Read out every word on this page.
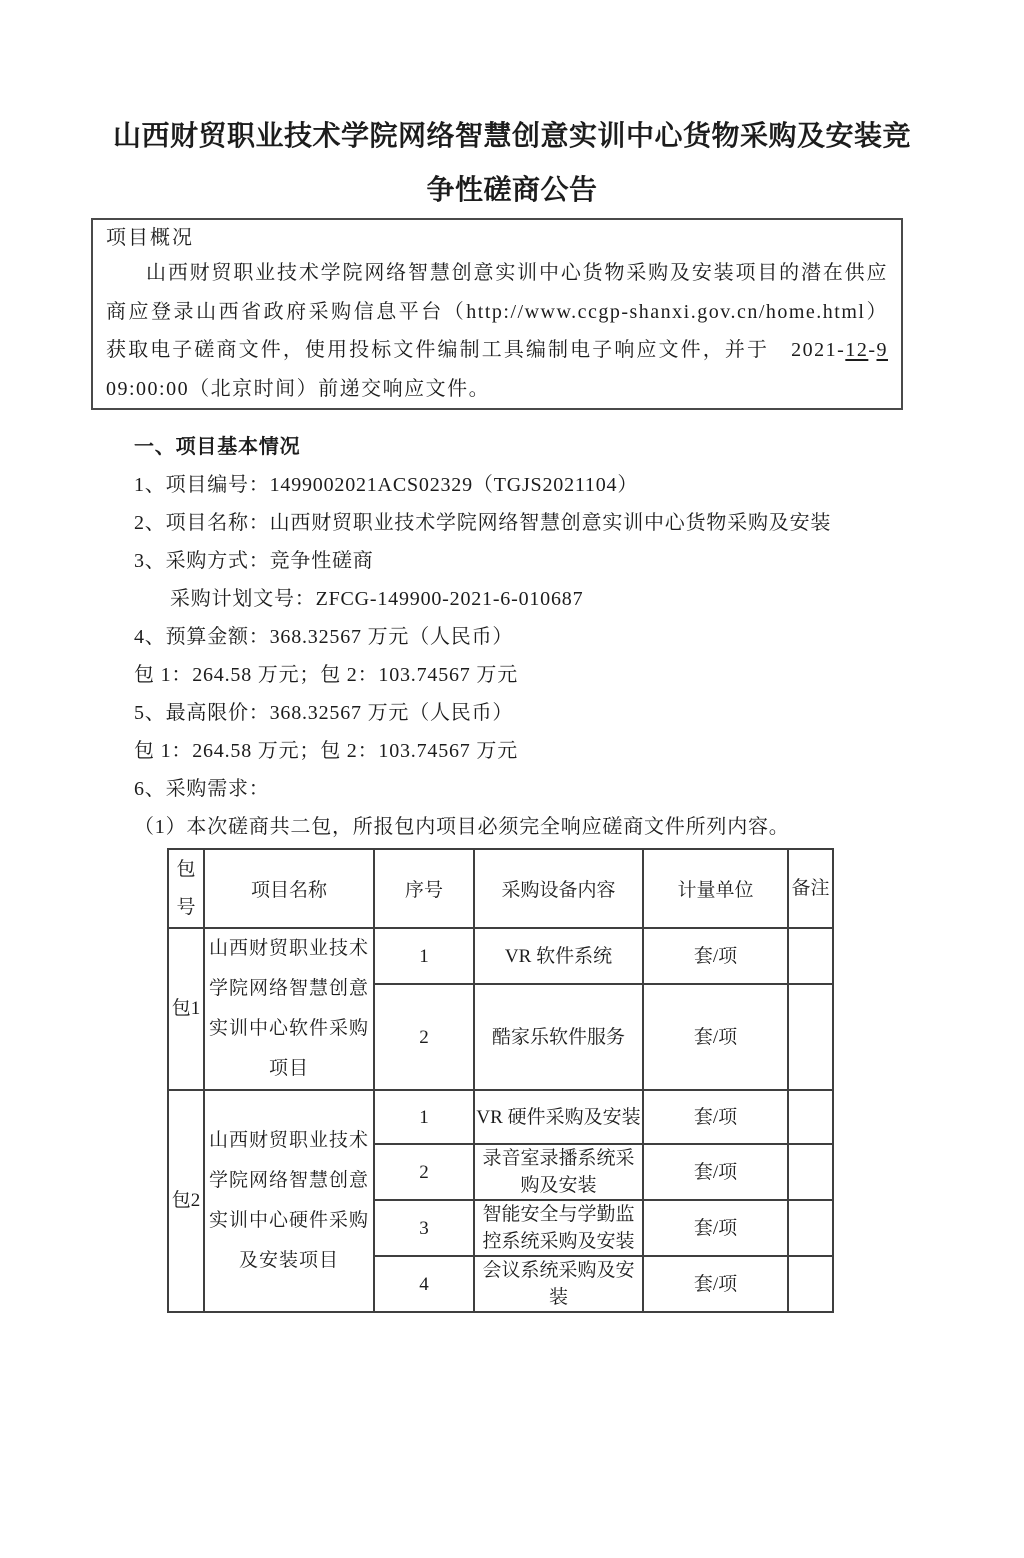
山西财贸职业技术学院网络智慧创意实训中心货物采购及安装竞争性磋商公告
项目概况

山西财贸职业技术学院网络智慧创意实训中心货物采购及安装项目的潜在供应商应登录山西省政府采购信息平台（http://www.ccgp-shanxi.gov.cn/home.html）获取电子磋商文件，使用投标文件编制工具编制电子响应文件，并于　2021-12-9 09:00:00（北京时间）前递交响应文件。

一、项目基本情况

1、项目编号：1499002021ACS02329（TGJS2021104）

2、项目名称：山西财贸职业技术学院网络智慧创意实训中心货物采购及安装

3、采购方式：竞争性磋商

采购计划文号：ZFCG-149900-2021-6-010687

4、预算金额：368.32567 万元（人民币）

包 1：264.58 万元；包 2：103.74567 万元

5、最高限价：368.32567 万元（人民币）

包 1：264.58 万元；包 2：103.74567 万元

6、采购需求：

（1）本次磋商共二包，所报包内项目必须完全响应磋商文件所列内容。

包号	项目名称	序号	采购设备内容	计量单位	备注
包1	山西财贸职业技术学院网络智慧创意实训中心软件采购项目	1	VR 软件系统	套/项	
		2	酷家乐软件服务	套/项	
包2	山西财贸职业技术学院网络智慧创意实训中心硬件采购及安装项目	1	VR 硬件采购及安装	套/项	
		2	录音室录播系统采购及安装	套/项	
		3	智能安全与学勤监控系统采购及安装	套/项	
		4	会议系统采购及安装	套/项	
